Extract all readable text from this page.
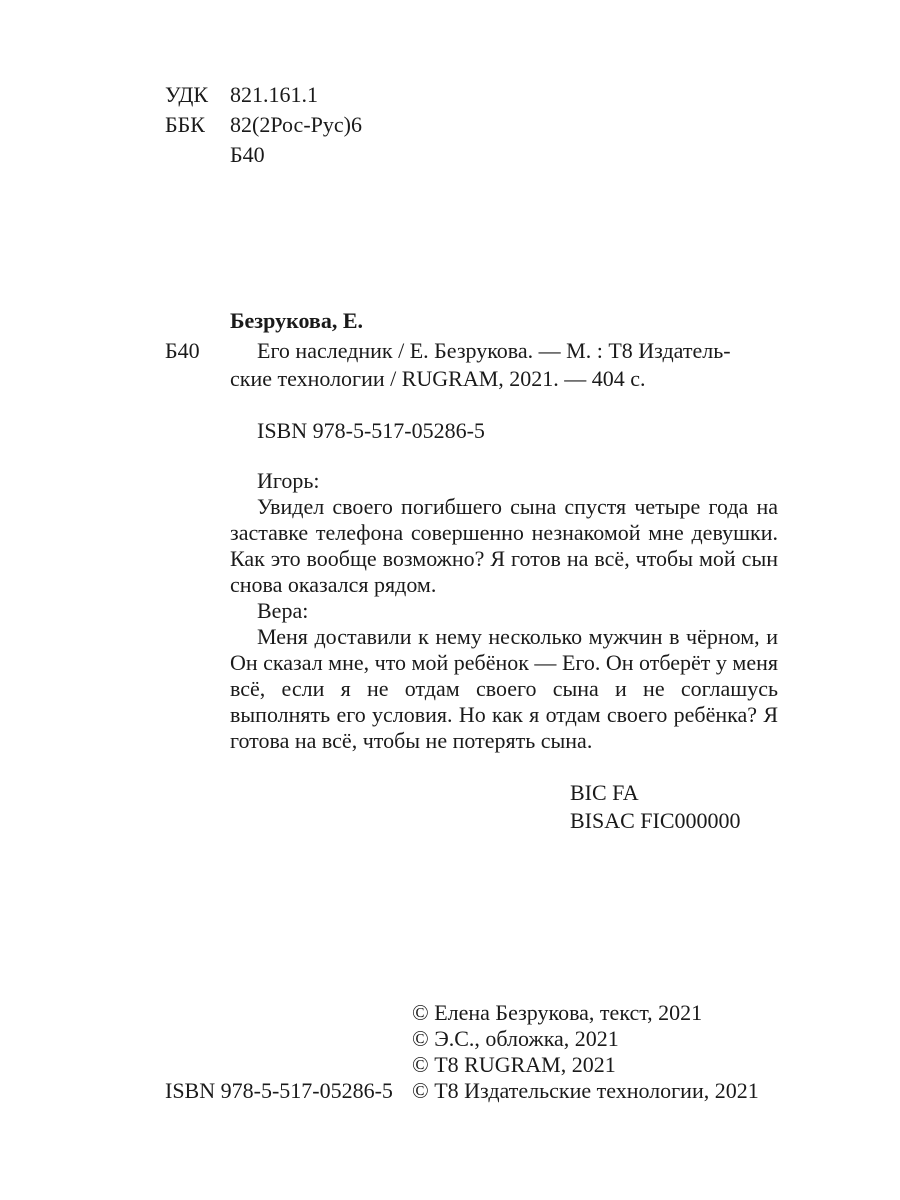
УДК 821.161.1
ББК 82(2Рос-Рус)6
Б40
Безрукова, Е.
Б40	Его наследник / Е. Безрукова. — М. : Т8 Издатель-
ские технологии / RUGRAM, 2021. — 404 с.
ISBN 978-5-517-05286-5

Игорь:

Увидел своего погибшего сына спустя четыре года на заставке телефона совершенно незнакомой мне девушки. Как это вообще возможно? Я готов на всё, чтобы мой сын снова оказался рядом.

Вера:

Меня доставили к нему несколько мужчин в чёрном, и Он сказал мне, что мой ребёнок — Его. Он отберёт у меня всё, если я не отдам своего сына и не соглашусь выполнять его условия. Но как я отдам своего ребёнка? Я готова на всё, чтобы не потерять сына.

BIC FA
BISAC FIC000000
ISBN 978-5-517-05286-5
© Елена Безрукова, текст, 2021
© Э.С., обложка, 2021
© Т8 RUGRAM, 2021
© Т8 Издательские технологии, 2021
